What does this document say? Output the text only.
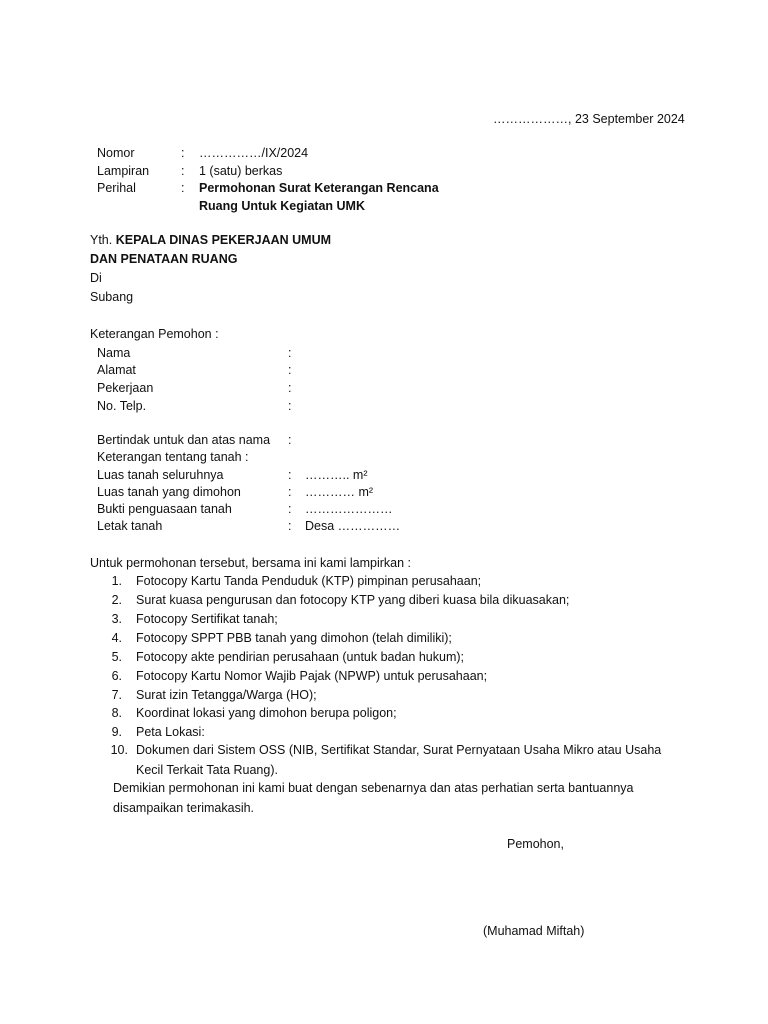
………………, 23 September 2024
Nomor	: ……………/IX/2024
Lampiran	: 1 (satu) berkas
Perihal	: Permohonan Surat Keterangan Rencana
Ruang Untuk Kegiatan UMK
Yth. KEPALA DINAS PEKERJAAN UMUM
DAN PENATAAN RUANG
Di
Subang
Keterangan Pemohon :
Nama	:
Alamat	:
Pekerjaan	:
No. Telp.	:
Bertindak untuk dan atas nama :
Keterangan tentang tanah :
Luas tanah seluruhnya	: ……….. m²
Luas tanah yang dimohon	: ………… m²
Bukti penguasaan tanah	: …………………
Letak tanah	: Desa ……………
Untuk permohonan tersebut, bersama ini kami lampirkan :
1. Fotocopy Kartu Tanda Penduduk (KTP) pimpinan perusahaan;
2. Surat kuasa pengurusan dan fotocopy KTP yang diberi kuasa bila dikuasakan;
3. Fotocopy Sertifikat tanah;
4. Fotocopy SPPT PBB tanah yang dimohon (telah dimiliki);
5. Fotocopy akte pendirian perusahaan (untuk badan hukum);
6. Fotocopy Kartu Nomor Wajib Pajak (NPWP) untuk perusahaan;
7. Surat izin Tetangga/Warga (HO);
8. Koordinat lokasi yang dimohon berupa poligon;
9. Peta Lokasi:
10. Dokumen dari Sistem OSS (NIB, Sertifikat Standar, Surat Pernyataan Usaha Mikro atau Usaha
Kecil Terkait Tata Ruang).
Demikian permohonan ini kami buat dengan sebenarnya dan atas perhatian serta bantuannya
disampaikan terimakasih.
Pemohon,
(Muhamad Miftah)
